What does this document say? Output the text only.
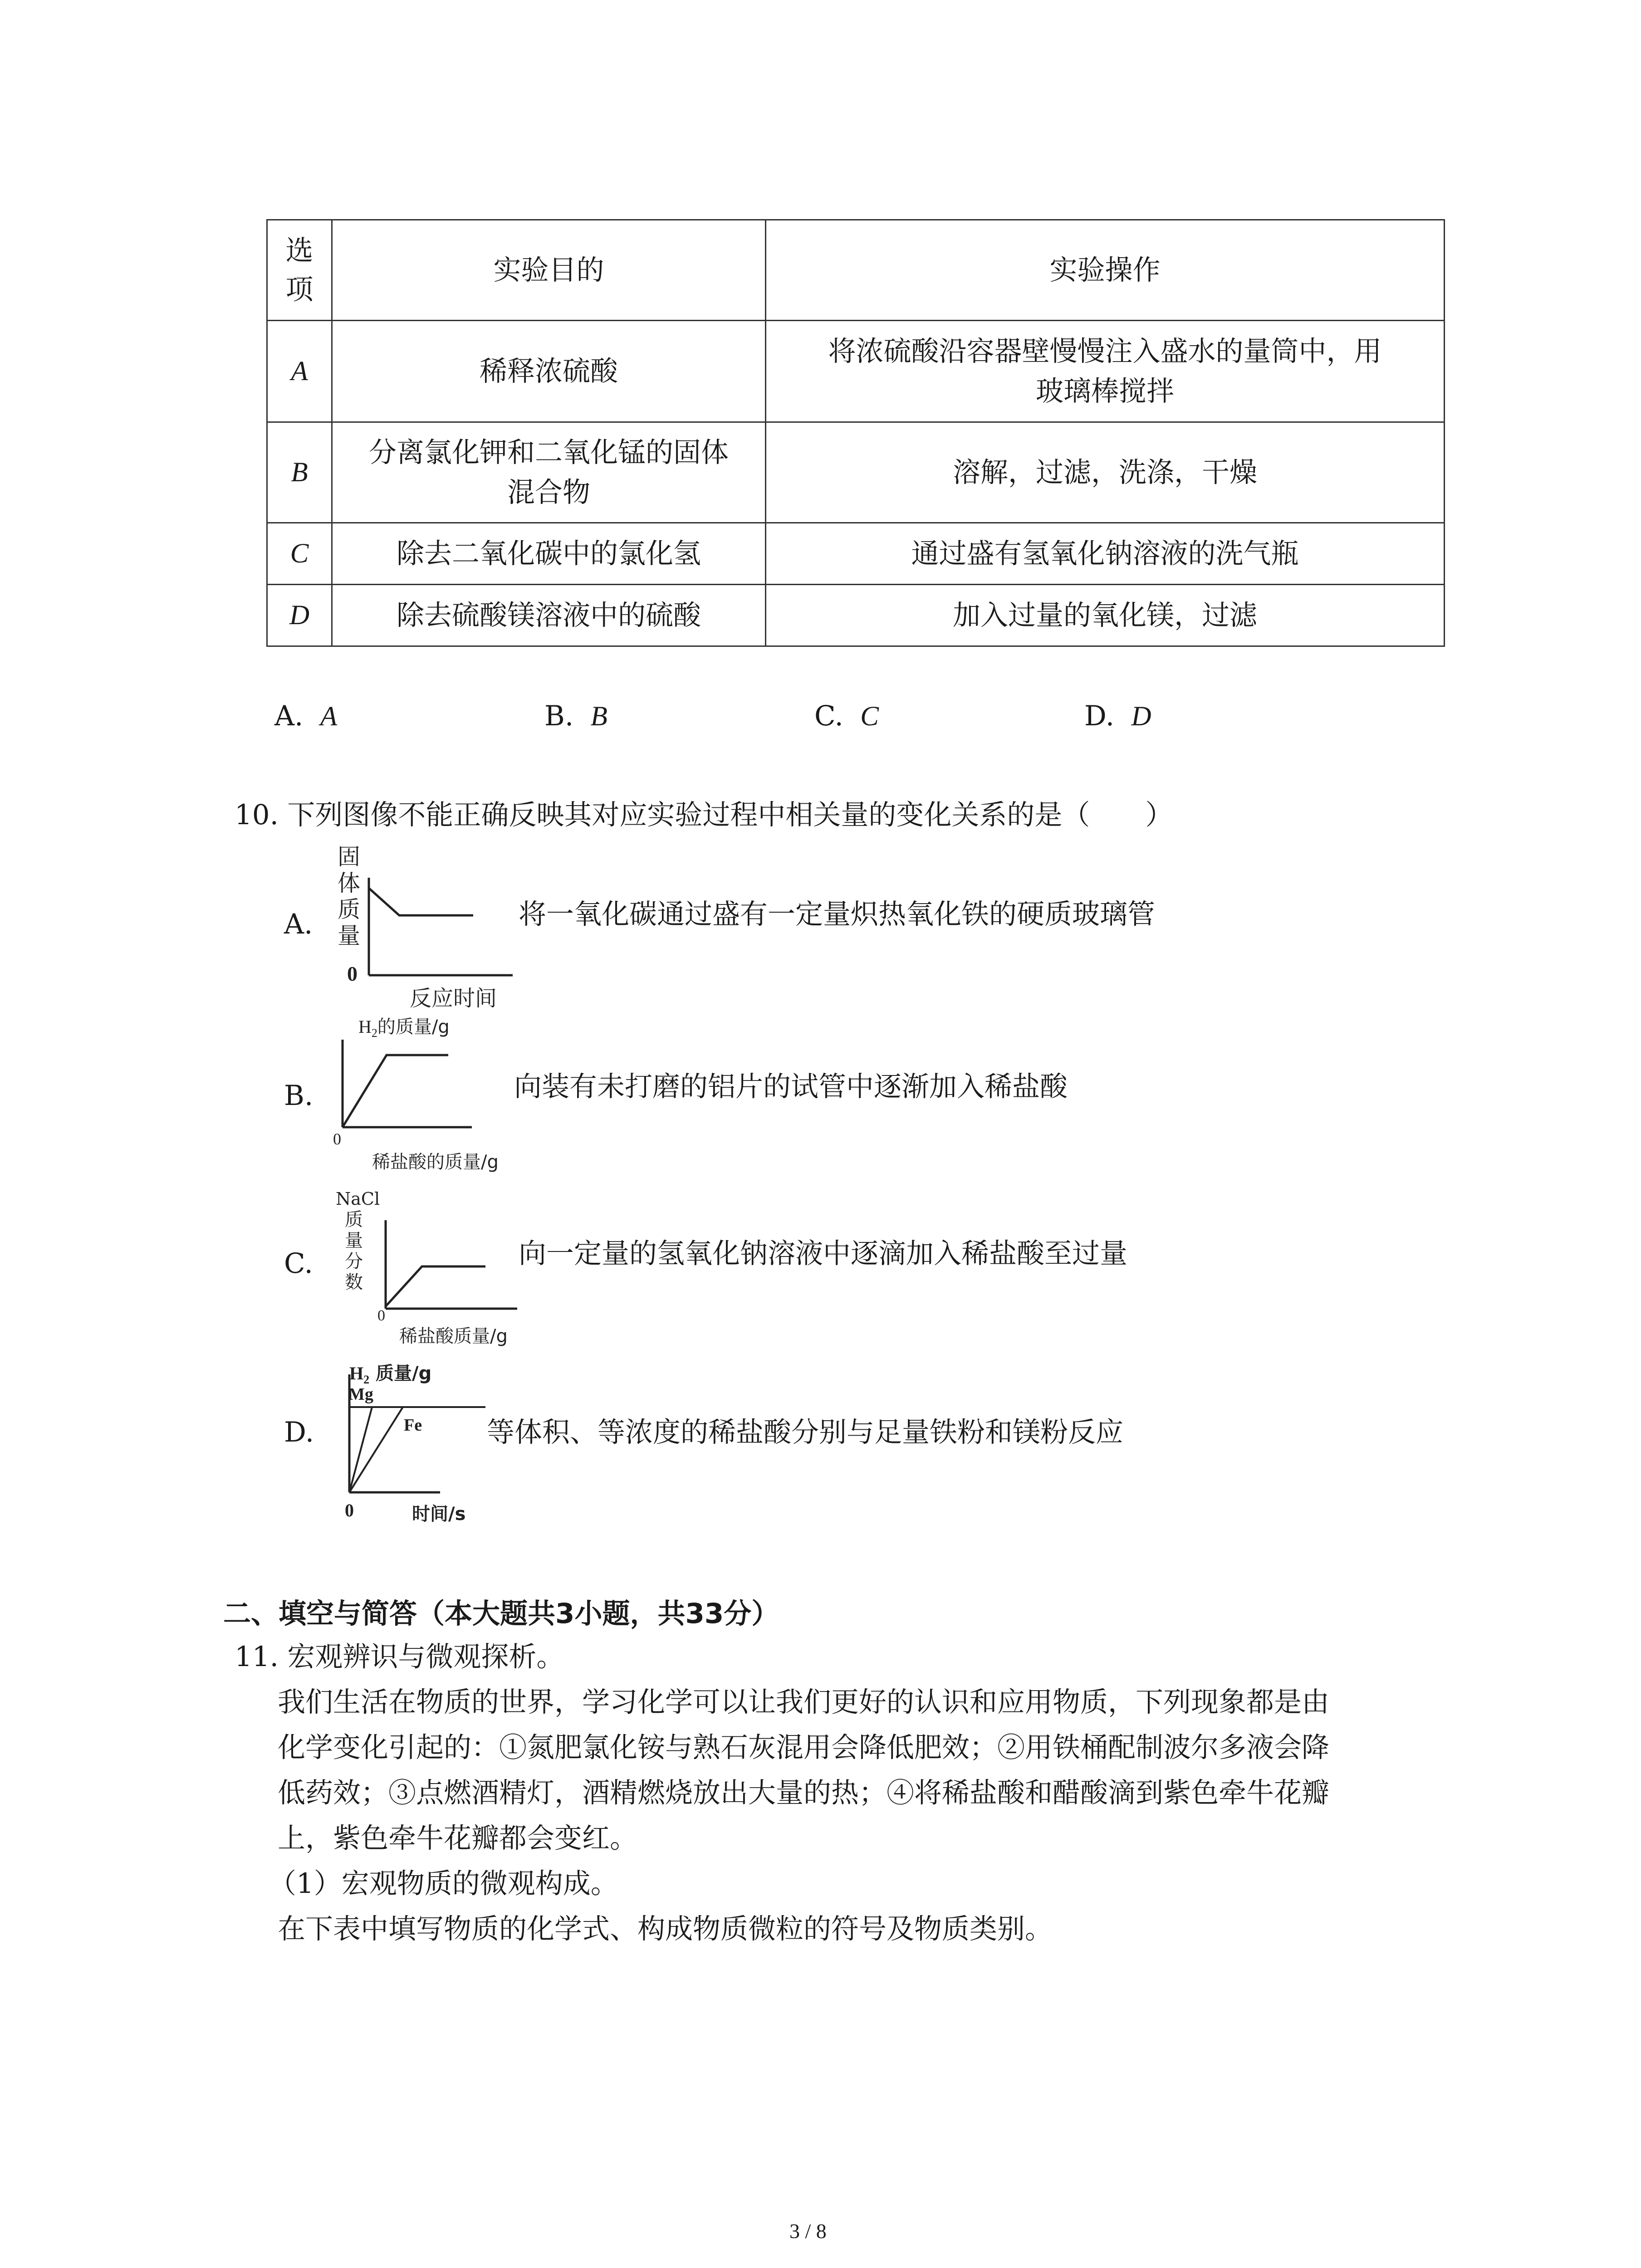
选
项	实验目的	实验操作
A	稀释浓硫酸	将浓硫酸沿容器壁慢慢注入盛水的量筒中，用
玻璃棒搅拌

B	分离氯化钾和二氧化锰的固体
混合物	溶解，过滤，洗涤，干燥

C	除去二氧化碳中的氯化氢	通过盛有氢氧化钠溶液的洗气瓶

D	除去硫酸镁溶液中的硫酸	加入过量的氧化镁，过滤
A. A	B. B	C. C	D. D
10. 下列图像不能正确反映其对应实验过程中相关量的变化关系的是（　　）
A.
固
体
质
量
0
反应时间
将一氧化碳通过盛有一定量炽热氧化铁的硬质玻璃管
B.
$H_2$的质量/g
0
稀盐酸的质量/g
向装有未打磨的铝片的试管中逐渐加入稀盐酸
C.
NaCl
质
量
分
数
0
稀盐酸质量/g
向一定量的氢氧化钠溶液中逐滴加入稀盐酸至过量
D.
$H_2$ 质量/g
Mg
Fe
0	时间/s
等体积、等浓度的稀盐酸分别与足量铁粉和镁粉反应
二、填空与简答（本大题共3小题，共33分）
11. 宏观辨识与微观探析。
我们生活在物质的世界，学习化学可以让我们更好的认识和应用物质，下列现象都是由
化学变化引起的：①氮肥氯化铵与熟石灰混用会降低肥效；②用铁桶配制波尔多液会降
低药效；③点燃酒精灯，酒精燃烧放出大量的热；④将稀盐酸和醋酸滴到紫色牵牛花瓣
上，紫色牵牛花瓣都会变红。
（1）宏观物质的微观构成。
在下表中填写物质的化学式、构成物质微粒的符号及物质类别。
3 / 8
